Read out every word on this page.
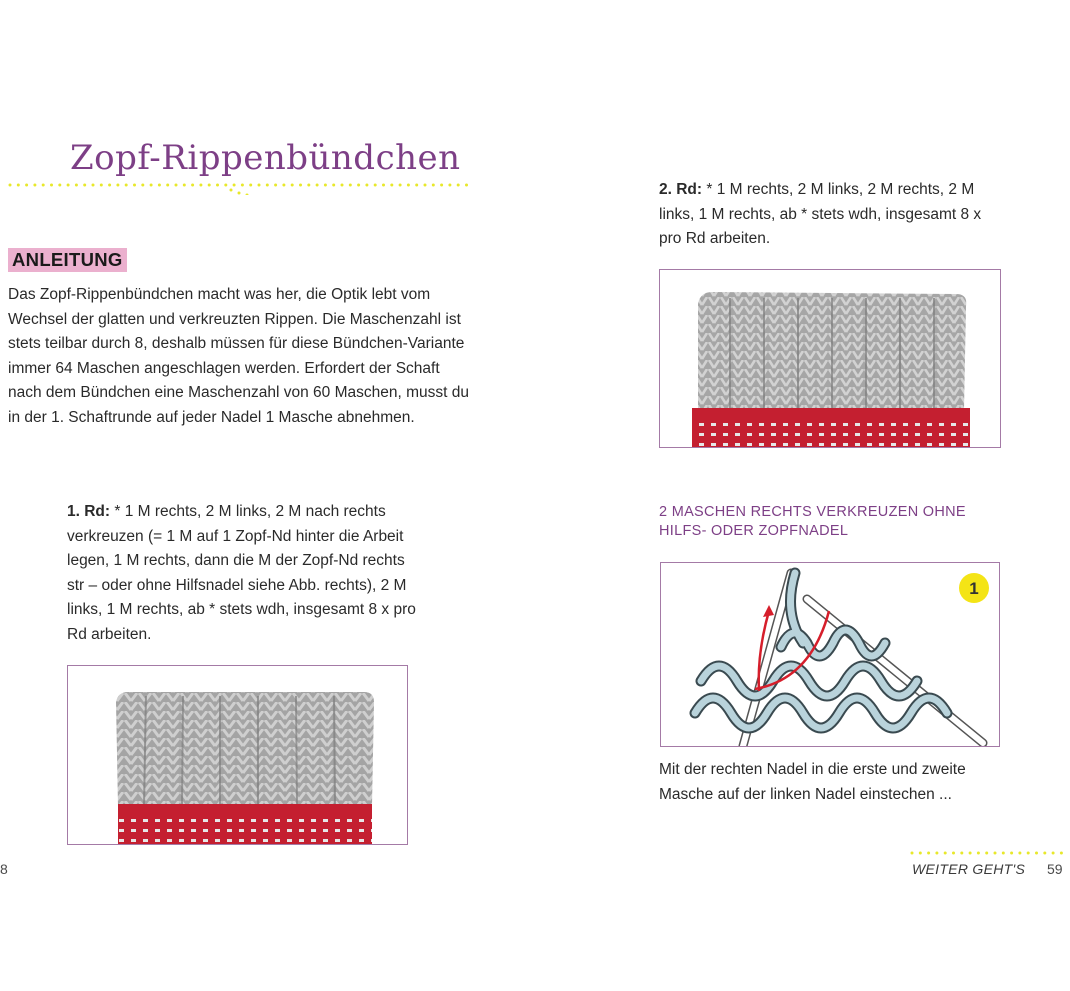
Zopf-Rippenbündchen
ANLEITUNG
Das Zopf-Rippenbündchen macht was her, die Optik lebt vom Wechsel der glatten und verkreuzten Rippen. Die Maschenzahl ist stets teilbar durch 8, deshalb müssen für diese Bündchen-Variante immer 64 Maschen angeschlagen werden. Erfordert der Schaft nach dem Bündchen eine Maschenzahl von 60 Maschen, musst du in der 1. Schaftrunde auf jeder Nadel 1 Masche abnehmen.
1. Rd: * 1 M rechts, 2 M links, 2 M nach rechts verkreuzen (= 1 M auf 1 Zopf-Nd hinter die Arbeit legen, 1 M rechts, dann die M der Zopf-Nd rechts str – oder ohne Hilfsnadel siehe Abb. rechts), 2 M links, 1 M rechts, ab * stets wdh, insgesamt 8 x pro Rd arbeiten.
8
2. Rd: * 1 M rechts, 2 M links, 2 M rechts, 2 M links, 1 M rechts, ab * stets wdh, insgesamt 8 x pro Rd arbeiten.
2 MASCHEN RECHTS VERKREUZEN OHNE HILFS- ODER ZOPFNADEL
1
Mit der rechten Nadel in die erste und zweite Masche auf der linken Nadel einstechen ...
WEITER GEHT'S 59
